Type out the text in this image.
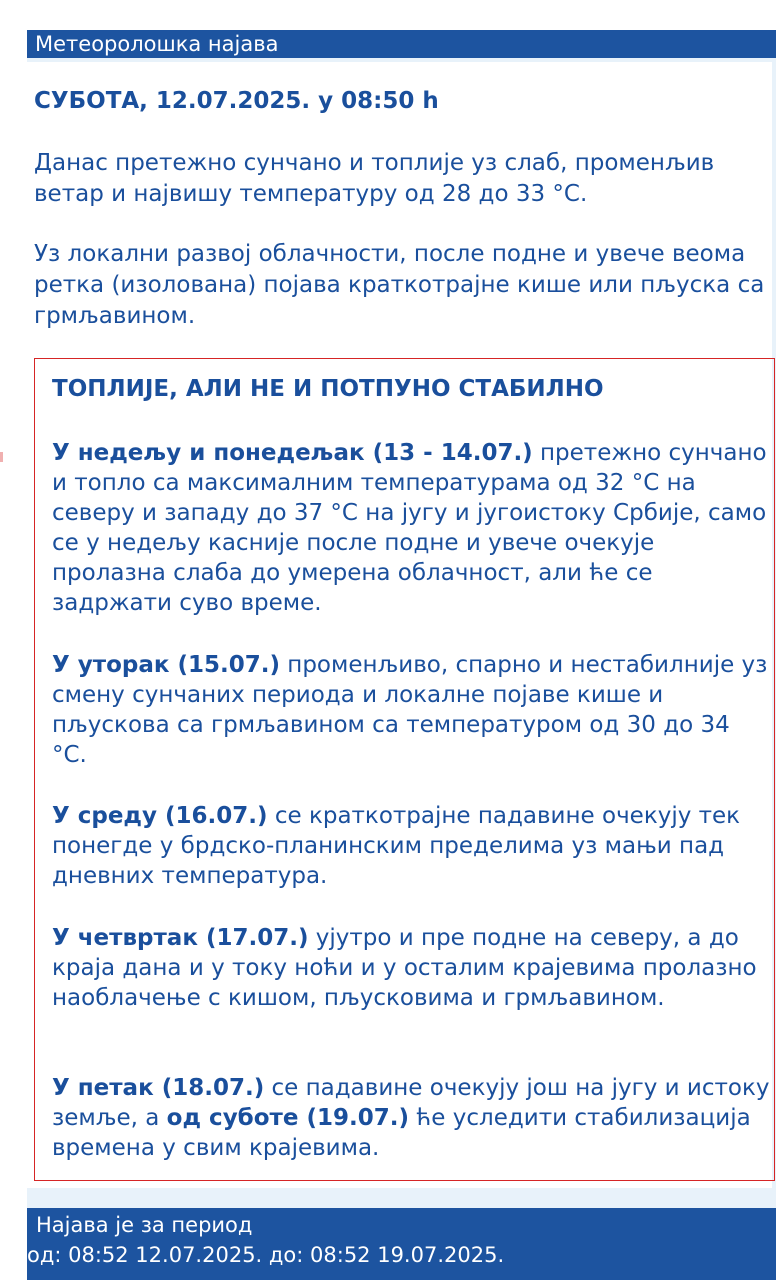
Метеоролошка најава
СУБОТА, 12.07.2025. у 08:50 h

Данас претежно сунчано и топлије уз слаб, променљив ветар и највишу температуру од 28 до 33 °C.

Уз локални развој облачности, после подне и увече веома ретка (изолована) појава краткотрајне кише или пљуска са грмљавином.

ТОПЛИЈЕ, АЛИ НЕ И ПОТПУНО СТАБИЛНО

У недељу и понедељак (13 - 14.07.) претежно сунчано и топло са максималним температурама од 32 °C на северу и западу до 37 °C на југу и југоистоку Србије, само се у недељу касније после подне и увече очекује пролазна слаба до умерена облачност, али ће се задржати суво време.

У уторак (15.07.) променљиво, спарно и нестабилније уз смену сунчаних периода и локалне појаве кише и пљускова са грмљавином са температуром од 30 до 34 °C.

У среду (16.07.) се краткотрајне падавине очекују тек понегде у брдско-планинским пределима уз мањи пад дневних температура.

У четвртак (17.07.) ујутро и пре подне на северу, а до краја дана и у току ноћи и у осталим крајевима пролазно наоблачење с кишом, пљусковима и грмљавином.

У петак (18.07.) се падавине очекују још на југу и истоку земље, а од суботе (19.07.) ће уследити стабилизација времена у свим крајевима.

Најава је за период
од: 08:52 12.07.2025. до: 08:52 19.07.2025.
